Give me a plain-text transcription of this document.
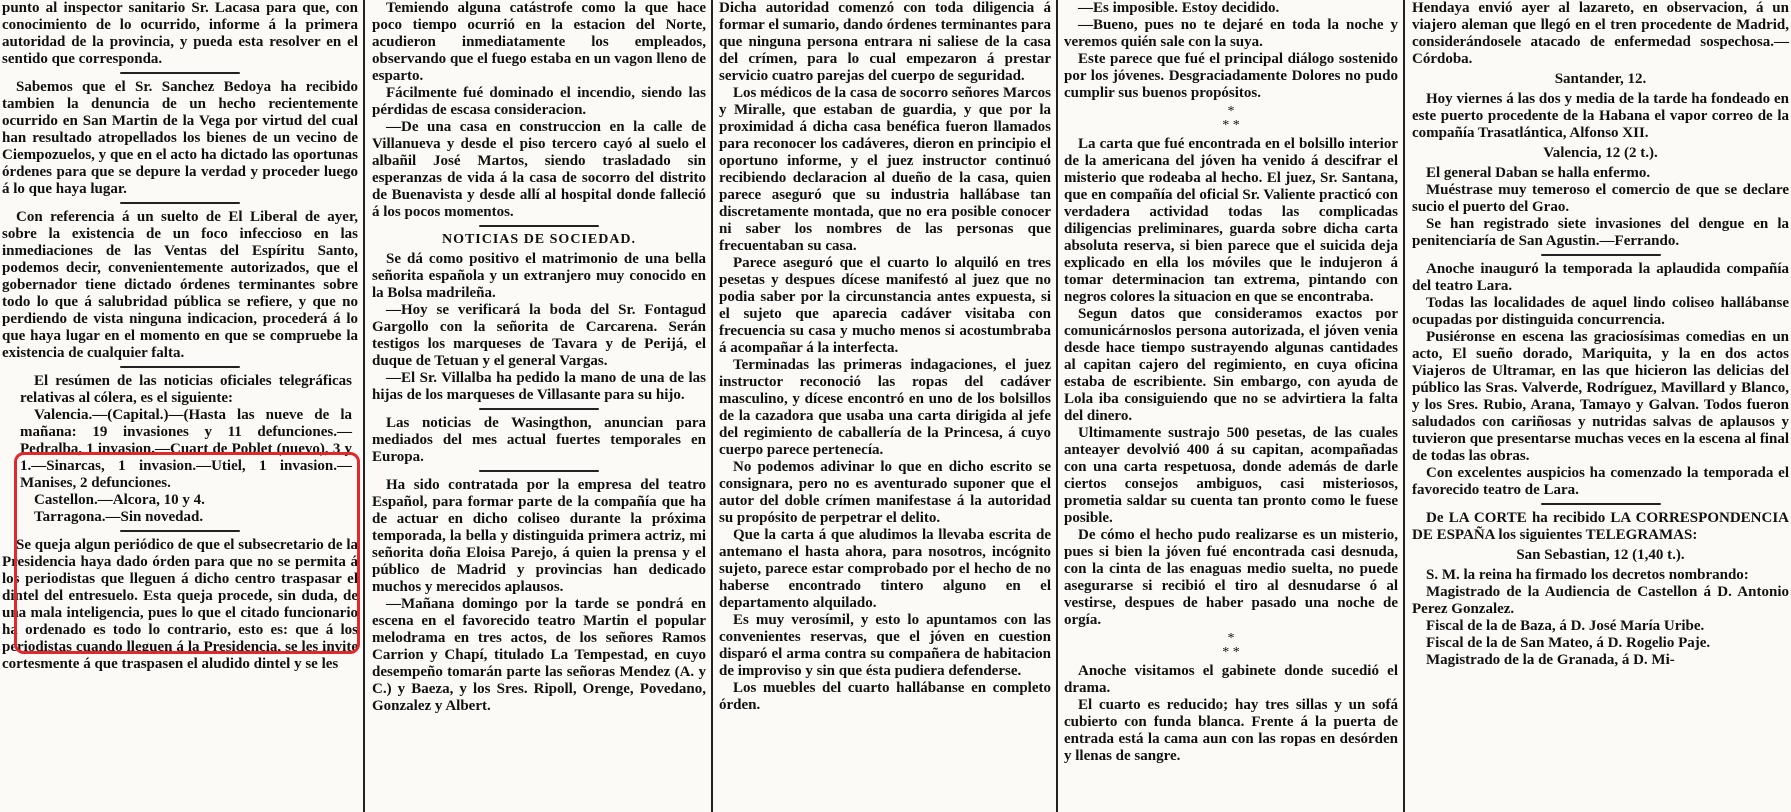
punto al inspector sanitario Sr. Lacasa para que, con conocimiento de lo ocurrido, informe á la primera autoridad de la provincia, y pueda esta resolver en el sentido que corresponda.

Sabemos que el Sr. Sanchez Bedoya ha recibido tambien la denuncia de un hecho recientemente ocurrido en San Martin de la Vega por virtud del cual han resultado atropellados los bienes de un vecino de Ciempozuelos, y que en el acto ha dictado las oportunas órdenes para que se depure la verdad y proceder luego á lo que haya lugar.

Con referencia á un suelto de El Liberal de ayer, sobre la existencia de un foco infeccioso en las inmediaciones de las Ventas del Espíritu Santo, podemos decir, convenientemente autorizados, que el gobernador tiene dictado órdenes terminantes sobre todo lo que á salubridad pública se refiere, y que no perdiendo de vista ninguna indicacion, procederá á lo que haya lugar en el momento en que se compruebe la existencia de cualquier falta.

El resúmen de las noticias oficiales telegráficas relativas al cólera, es el siguiente:

Valencia.—(Capital.)—(Hasta las nueve de la mañana: 19 invasiones y 11 defunciones.—Pedralba, 1 invasion.—Cuart de Poblet (nuevo), 3 y 1.—Sinarcas, 1 invasion.—Utiel, 1 invasion.—Manises, 2 defunciones.

Castellon.—Alcora, 10 y 4.

Tarragona.—Sin novedad.

Se queja algun periódico de que el subsecretario de la Presidencia haya dado órden para que no se permita á los periodistas que lleguen á dicho centro traspasar el dintel del entresuelo. Esta queja procede, sin duda, de una mala inteligencia, pues lo que el citado funcionario ha ordenado es todo lo contrario, esto es: que á los periodistas cuando lleguen á la Presidencia, se les invite cortesmente á que traspasen el aludido dintel y se les

Temiendo alguna catástrofe como la que hace poco tiempo ocurrió en la estacion del Norte, acudieron inmediatamente los empleados, observando que el fuego estaba en un vagon lleno de esparto.

Fácilmente fué dominado el incendio, siendo las pérdidas de escasa consideracion.

—De una casa en construccion en la calle de Villanueva y desde el piso tercero cayó al suelo el albañil José Martos, siendo trasladado sin esperanzas de vida á la casa de socorro del distrito de Buenavista y desde allí al hospital donde falleció á los pocos momentos.

NOTICIAS DE SOCIEDAD.

Se dá como positivo el matrimonio de una bella señorita española y un extranjero muy conocido en la Bolsa madrileña.

—Hoy se verificará la boda del Sr. Fontagud Gargollo con la señorita de Carcarena. Serán testigos los marqueses de Tavara y de Perijá, el duque de Tetuan y el general Vargas.

—El Sr. Villalba ha pedido la mano de una de las hijas de los marqueses de Villasante para su hijo.

Las noticias de Wasingthon, anuncian para mediados del mes actual fuertes temporales en Europa.

Ha sido contratada por la empresa del teatro Español, para formar parte de la compañía que ha de actuar en dicho coliseo durante la próxima temporada, la bella y distinguida primera actriz, mi señorita doña Eloisa Parejo, á quien la prensa y el público de Madrid y provincias han dedicado muchos y merecidos aplausos.

—Mañana domingo por la tarde se pondrá en escena en el favorecido teatro Martin el popular melodrama en tres actos, de los señores Ramos Carrion y Chapí, titulado La Tempestad, en cuyo desempeño tomarán parte las señoras Mendez (A. y C.) y Baeza, y los Sres. Ripoll, Orenge, Povedano, Gonzalez y Albert.

Dicha autoridad comenzó con toda diligencia á formar el sumario, dando órdenes terminantes para que ninguna persona entrara ni saliese de la casa del crímen, para lo cual empezaron á prestar servicio cuatro parejas del cuerpo de seguridad.

Los médicos de la casa de socorro señores Marcos y Miralle, que estaban de guardia, y que por la proximidad á dicha casa benéfica fueron llamados para reconocer los cadáveres, dieron en principio el oportuno informe, y el juez instructor continuó recibiendo declaracion al dueño de la casa, quien parece aseguró que su industria hallábase tan discretamente montada, que no era posible conocer ni saber los nombres de las personas que frecuentaban su casa.

Parece aseguró que el cuarto lo alquiló en tres pesetas y despues dícese manifestó al juez que no podia saber por la circunstancia antes expuesta, si el sujeto que aparecia cadáver visitaba con frecuencia su casa y mucho menos si acostumbraba á acompañar á la interfecta.

Terminadas las primeras indagaciones, el juez instructor reconoció las ropas del cadáver masculino, y dícese encontró en uno de los bolsillos de la cazadora que usaba una carta dirigida al jefe del regimiento de caballería de la Princesa, á cuyo cuerpo parece pertenecía.

No podemos adivinar lo que en dicho escrito se consignara, pero no es aventurado suponer que el autor del doble crímen manifestase á la autoridad su propósito de perpetrar el delito.

Que la carta á que aludimos la llevaba escrita de antemano el hasta ahora, para nosotros, incógnito sujeto, parece estar comprobado por el hecho de no haberse encontrado tintero alguno en el departamento alquilado.

Es muy verosímil, y esto lo apuntamos con las convenientes reservas, que el jóven en cuestion disparó el arma contra su compañera de habitacion de improviso y sin que ésta pudiera defenderse.

Los muebles del cuarto hallábanse en completo órden.

—Es imposible. Estoy decidido.

—Bueno, pues no te dejaré en toda la noche y veremos quién sale con la suya.

Este parece que fué el principal diálogo sostenido por los jóvenes. Desgraciadamente Dolores no pudo cumplir sus buenos propósitos.

*
* *

La carta que fué encontrada en el bolsillo interior de la americana del jóven ha venido á descifrar el misterio que rodeaba al hecho. El juez, Sr. Santana, que en compañía del oficial Sr. Valiente practicó con verdadera actividad todas las complicadas diligencias preliminares, guarda sobre dicha carta absoluta reserva, si bien parece que el suicida deja explicado en ella los móviles que le indujeron á tomar determinacion tan extrema, pintando con negros colores la situacion en que se encontraba.

Segun datos que consideramos exactos por comunicárnoslos persona autorizada, el jóven venia desde hace tiempo sustrayendo algunas cantidades al capitan cajero del regimiento, en cuya oficina estaba de escribiente. Sin embargo, con ayuda de Lola iba consiguiendo que no se advirtiera la falta del dinero.

Ultimamente sustrajo 500 pesetas, de las cuales anteayer devolvió 400 á su capitan, acompañadas con una carta respetuosa, donde además de darle ciertos consejos ambiguos, casi misteriosos, prometia saldar su cuenta tan pronto como le fuese posible.

De cómo el hecho pudo realizarse es un misterio, pues si bien la jóven fué encontrada casi desnuda, con la cinta de las enaguas medio suelta, no puede asegurarse si recibió el tiro al desnudarse ó al vestirse, despues de haber pasado una noche de orgía.

*
* *

Anoche visitamos el gabinete donde sucedió el drama.

El cuarto es reducido; hay tres sillas y un sofá cubierto con funda blanca. Frente á la puerta de entrada está la cama aun con las ropas en desórden y llenas de sangre.

Hendaya envió ayer al lazareto, en observacion, á un viajero aleman que llegó en el tren procedente de Madrid, considerándosele atacado de enfermedad sospechosa.—Córdoba.

Santander, 12.

Hoy viernes á las dos y media de la tarde ha fondeado en este puerto procedente de la Habana el vapor correo de la compañía Trasatlántica, Alfonso XII.

Valencia, 12 (2 t.).

El general Daban se halla enfermo.

Muéstrase muy temeroso el comercio de que se declare sucio el puerto del Grao.

Se han registrado siete invasiones del dengue en la penitenciaría de San Agustin.—Ferrando.

Anoche inauguró la temporada la aplaudida compañía del teatro Lara.

Todas las localidades de aquel lindo coliseo hallábanse ocupadas por distinguida concurrencia.

Pusiéronse en escena las graciosísimas comedias en un acto, El sueño dorado, Mariquita, y la en dos actos Viajeros de Ultramar, en las que hicieron las delicias del público las Sras. Valverde, Rodríguez, Mavillard y Blanco, y los Sres. Rubio, Arana, Tamayo y Galvan. Todos fueron saludados con cariñosas y nutridas salvas de aplausos y tuvieron que presentarse muchas veces en la escena al final de todas las obras.

Con excelentes auspicios ha comenzado la temporada el favorecido teatro de Lara.

De LA CORTE ha recibido LA CORRESPONDENCIA DE ESPAÑA los siguientes TELEGRAMAS:

San Sebastian, 12 (1,40 t.).

S. M. la reina ha firmado los decretos nombrando:

Magistrado de la Audiencia de Castellon á D. Antonio Perez Gonzalez.

Fiscal de la de Baza, á D. José María Uribe.

Fiscal de la de San Mateo, á D. Rogelio Paje.

Magistrado de la de Granada, á D. Mi-
